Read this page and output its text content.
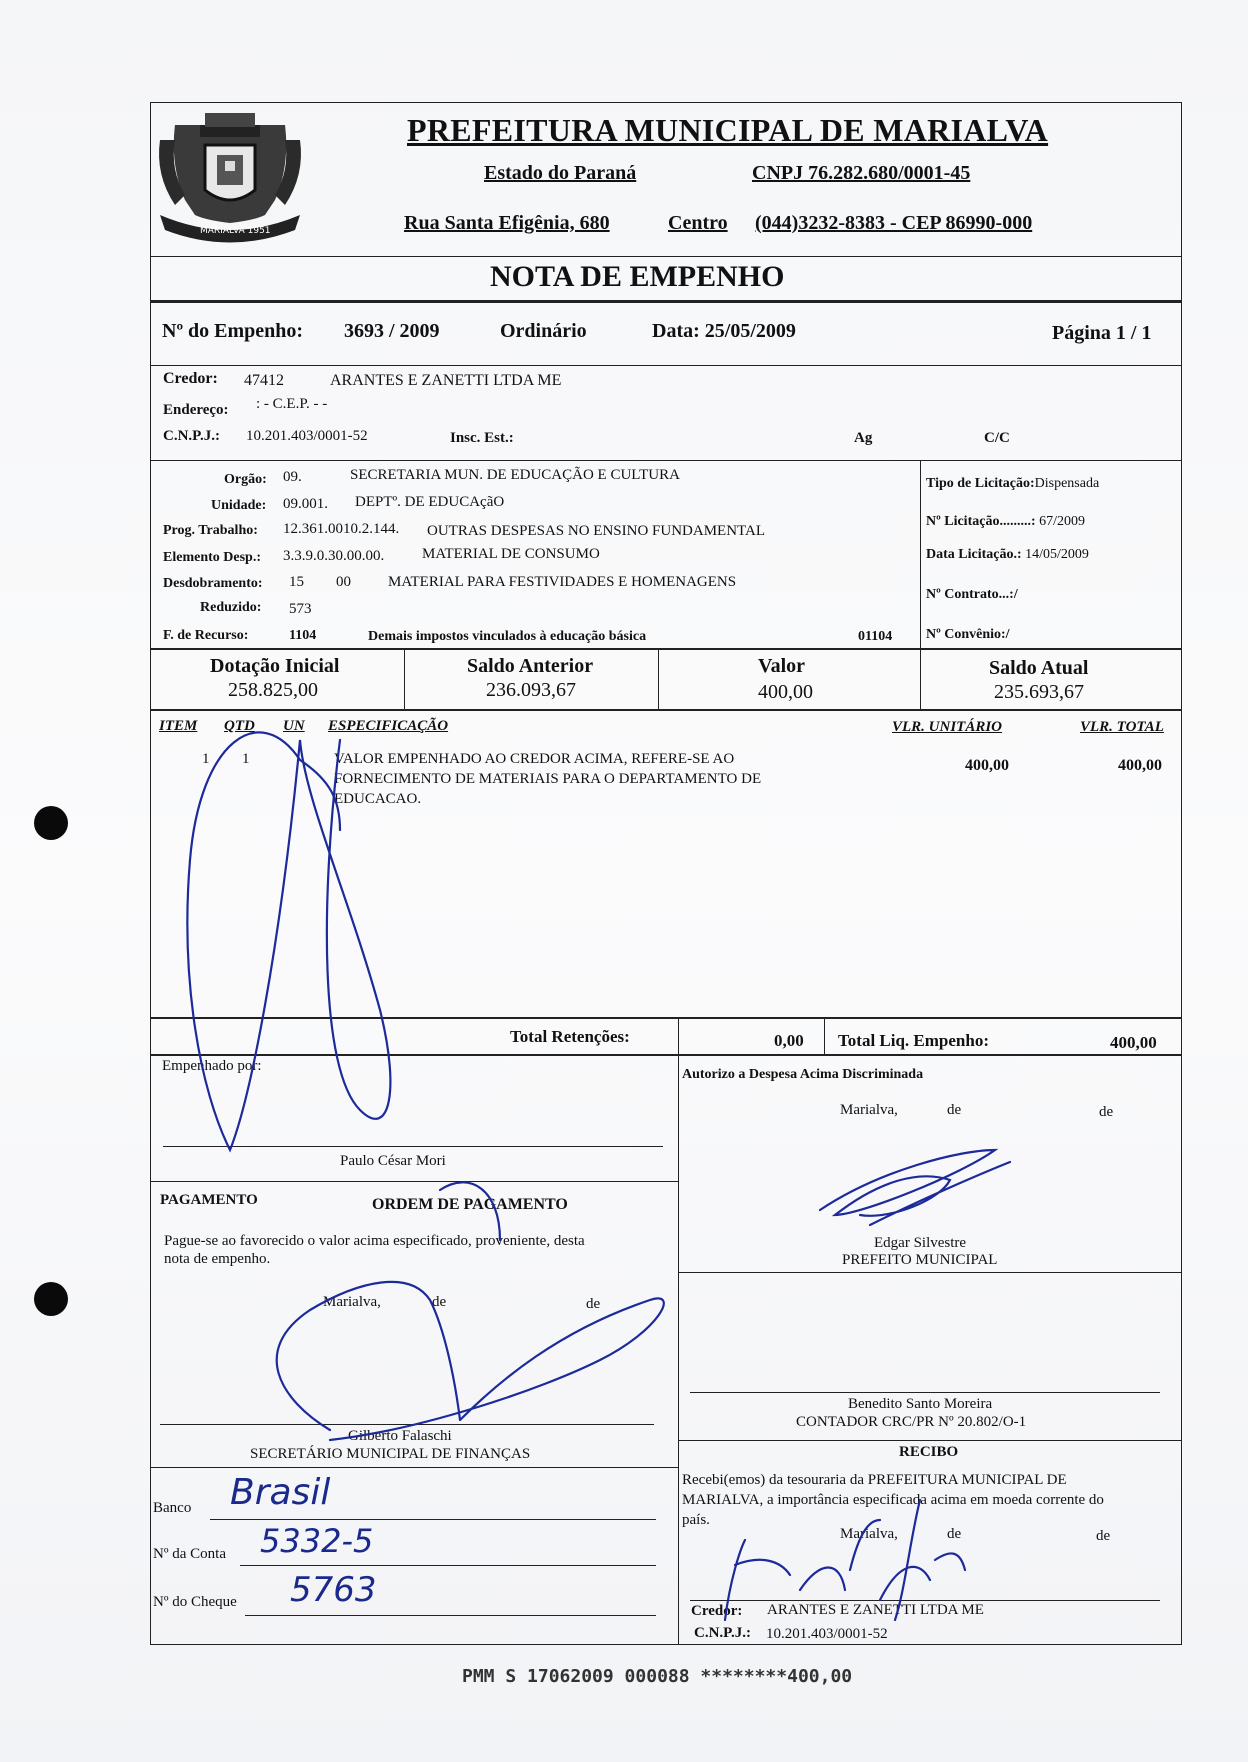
MARIALVA 1951
PREFEITURA MUNICIPAL DE MARIALVA
Estado do Paraná	CNPJ 76.282.680/0001-45
Rua Santa Efigênia, 680	Centro (044)3232-8383 - CEP 86990-000
NOTA DE EMPENHO
Nº do Empenho: 3693 / 2009	Ordinário	Data: 25/05/2009	Página 1 / 1
Credor: 47412	ARANTES E ZANETTI LTDA ME
Endereço: : - C.E.P. - -
C.N.P.J.: 10.201.403/0001-52	Insc. Est.:	Ag	C/C
Orgão: 09.	SECRETARIA MUN. DE EDUCAÇÃO E CULTURA
Unidade: 09.001. DEPTº. DE EDUCAçãO
Prog. Trabalho: 12.361.0010.2.144. OUTRAS DESPESAS NO ENSINO FUNDAMENTAL
Elemento Desp.: 3.3.9.0.30.00.00.	MATERIAL DE CONSUMO
Desdobramento: 15 00 MATERIAL PARA FESTIVIDADES E HOMENAGENS
Reduzido: 573
F. de Recurso:	1104	Demais impostos vinculados à educação básica	01104
Tipo de Licitação:Dispensada
Nº Licitação.........: 67/2009
Data Licitação.: 14/05/2009
Nº Contrato...:/
Nº Convênio:/
Dotação Inicial
258.825,00
Saldo Anterior
236.093,67
Valor
400,00
Saldo Atual
235.693,67
ITEM QTD UN ESPECIFICAÇÃO	VLR. UNITÁRIO	VLR. TOTAL
1 1	VALOR EMPENHADO AO CREDOR ACIMA, REFERE-SE AO
FORNECIMENTO DE MATERIAIS PARA O DEPARTAMENTO DE
EDUCACAO.
400,00	400,00
Total Retenções:	0,00 Total Liq. Empenho:	400,00
Empenhado por:
Paulo César Mori
Autorizo a Despesa Acima Discriminada
Marialva,	de	de
Edgar Silvestre
PREFEITO MUNICIPAL
PAGAMENTO	ORDEM DE PAGAMENTO
Pague-se ao favorecido o valor acima especificado, proveniente, desta
nota de empenho.
Marialva,	de	de
Gilberto Falaschi
SECRETÁRIO MUNICIPAL DE FINANÇAS
Benedito Santo Moreira
CONTADOR CRC/PR Nº 20.802/O-1
Banco Brasil
Nº da Conta 5332-5
Nº do Cheque 5763
RECIBO
Recebi(emos) da tesouraria da PREFEITURA MUNICIPAL DE
MARIALVA, a importância especificada acima em moeda corrente do
país.
Marialva,	de	de
Credor: ARANTES E ZANETTI LTDA ME
C.N.P.J.: 10.201.403/0001-52
PMM S 17062009 000088 ********400,00
